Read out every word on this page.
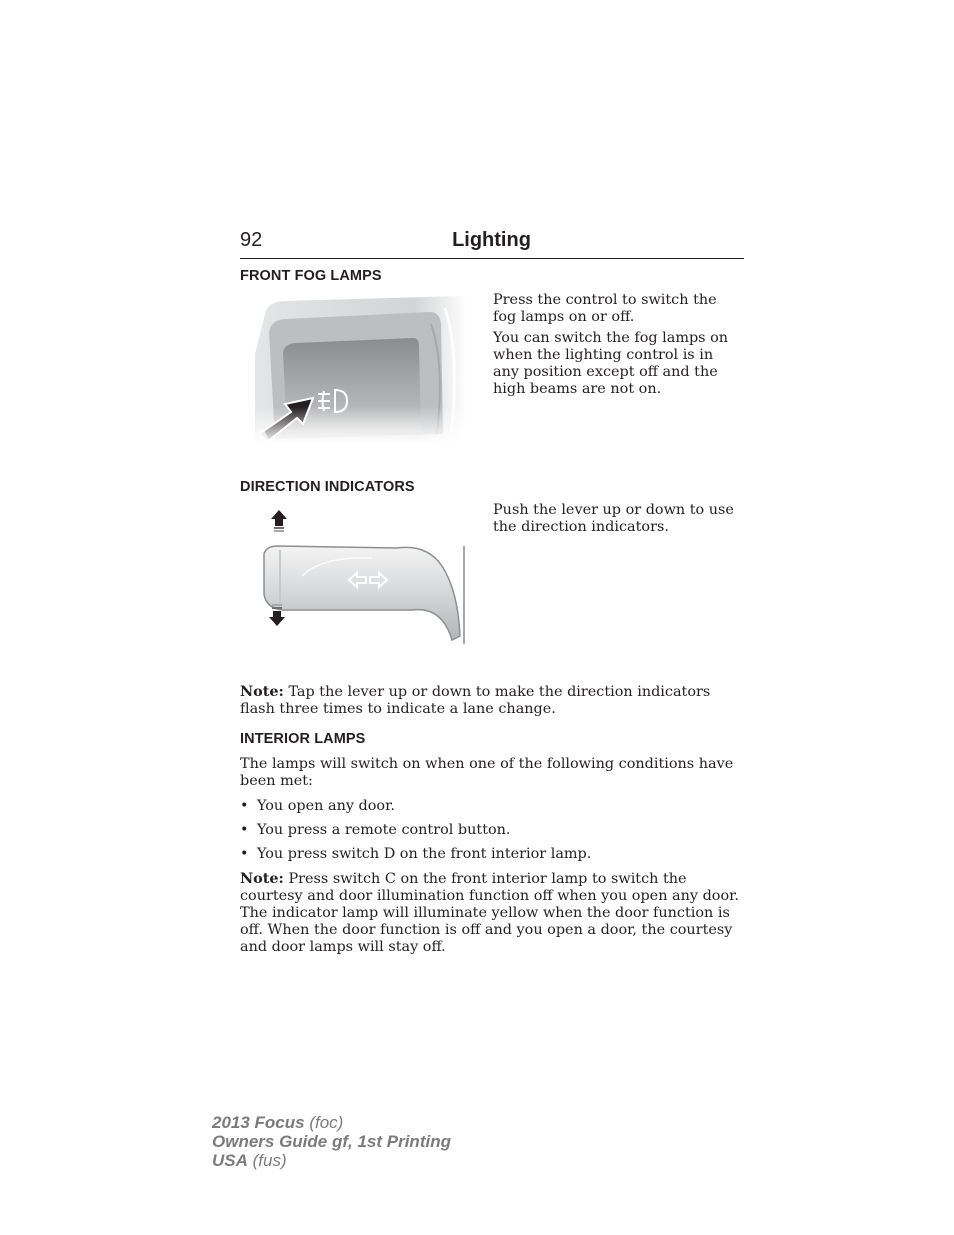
92	Lighting
FRONT FOG LAMPS
Press the control to switch the fog lamps on or off.
You can switch the fog lamps on when the lighting control is in any position except off and the high beams are not on.
DIRECTION INDICATORS
Push the lever up or down to use the direction indicators.
Note: Tap the lever up or down to make the direction indicators flash three times to indicate a lane change.
INTERIOR LAMPS
The lamps will switch on when one of the following conditions have been met:
• You open any door.
• You press a remote control button.
• You press switch D on the front interior lamp.
Note: Press switch C on the front interior lamp to switch the courtesy and door illumination function off when you open any door. The indicator lamp will illuminate yellow when the door function is off. When the door function is off and you open a door, the courtesy and door lamps will stay off.
2013 Focus (foc)
Owners Guide gf, 1st Printing
USA (fus)
